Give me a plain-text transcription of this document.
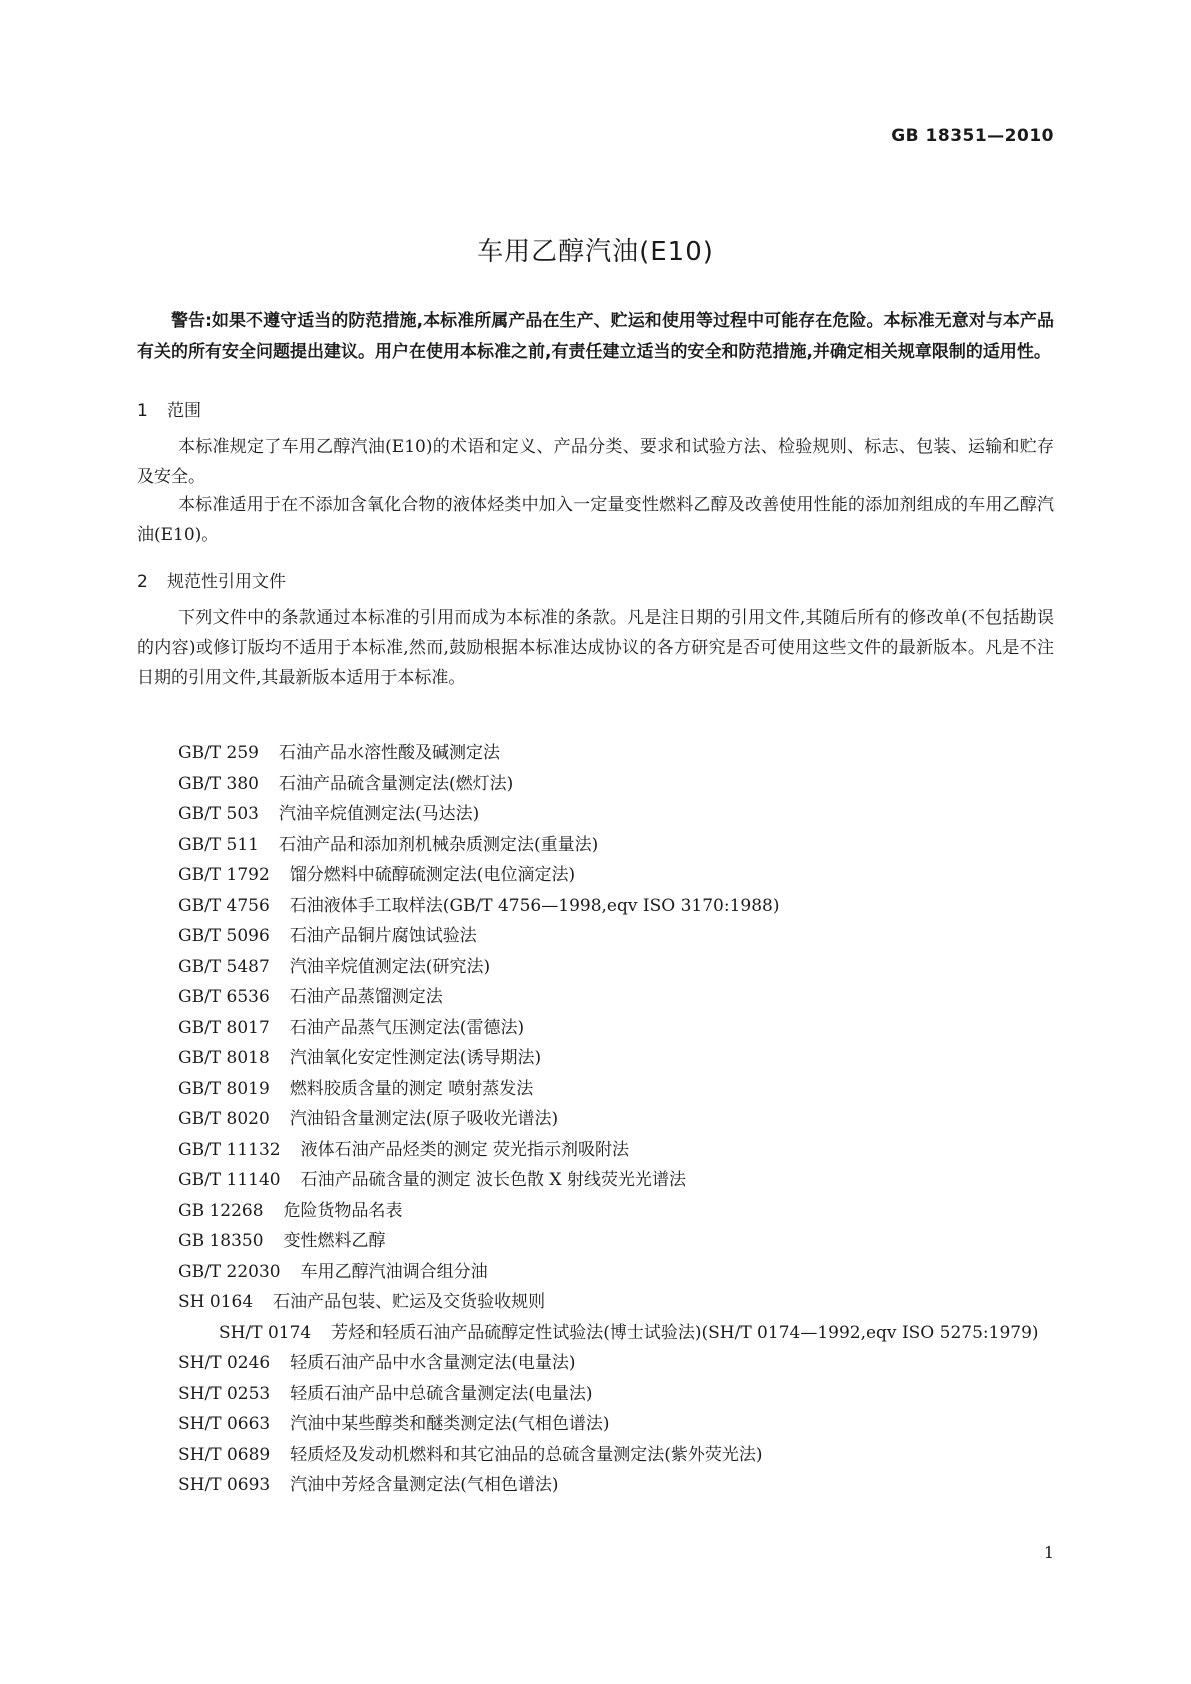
GB 18351—2010
车用乙醇汽油(E10)
警告:如果不遵守适当的防范措施,本标准所属产品在生产、贮运和使用等过程中可能存在危险。本标准无意对与本产品有关的所有安全问题提出建议。用户在使用本标准之前,有责任建立适当的安全和防范措施,并确定相关规章限制的适用性。
1 范围
本标准规定了车用乙醇汽油(E10)的术语和定义、产品分类、要求和试验方法、检验规则、标志、包装、运输和贮存及安全。
本标准适用于在不添加含氧化合物的液体烃类中加入一定量变性燃料乙醇及改善使用性能的添加剂组成的车用乙醇汽油(E10)。
2 规范性引用文件
下列文件中的条款通过本标准的引用而成为本标准的条款。凡是注日期的引用文件,其随后所有的修改单(不包括勘误的内容)或修订版均不适用于本标准,然而,鼓励根据本标准达成协议的各方研究是否可使用这些文件的最新版本。凡是不注日期的引用文件,其最新版本适用于本标准。
GB/T 259 石油产品水溶性酸及碱测定法
GB/T 380 石油产品硫含量测定法(燃灯法)
GB/T 503 汽油辛烷值测定法(马达法)
GB/T 511 石油产品和添加剂机械杂质测定法(重量法)
GB/T 1792 馏分燃料中硫醇硫测定法(电位滴定法)
GB/T 4756 石油液体手工取样法(GB/T 4756—1998,eqv ISO 3170:1988)
GB/T 5096 石油产品铜片腐蚀试验法
GB/T 5487 汽油辛烷值测定法(研究法)
GB/T 6536 石油产品蒸馏测定法
GB/T 8017 石油产品蒸气压测定法(雷德法)
GB/T 8018 汽油氧化安定性测定法(诱导期法)
GB/T 8019 燃料胶质含量的测定 喷射蒸发法
GB/T 8020 汽油铅含量测定法(原子吸收光谱法)
GB/T 11132 液体石油产品烃类的测定 荧光指示剂吸附法
GB/T 11140 石油产品硫含量的测定 波长色散 X 射线荧光光谱法
GB 12268 危险货物品名表
GB 18350 变性燃料乙醇
GB/T 22030 车用乙醇汽油调合组分油
SH 0164 石油产品包装、贮运及交货验收规则
SH/T 0174 芳烃和轻质石油产品硫醇定性试验法(博士试验法)(SH/T 0174—1992,eqv ISO 5275:1979)
SH/T 0246 轻质石油产品中水含量测定法(电量法)
SH/T 0253 轻质石油产品中总硫含量测定法(电量法)
SH/T 0663 汽油中某些醇类和醚类测定法(气相色谱法)
SH/T 0689 轻质烃及发动机燃料和其它油品的总硫含量测定法(紫外荧光法)
SH/T 0693 汽油中芳烃含量测定法(气相色谱法)
1
